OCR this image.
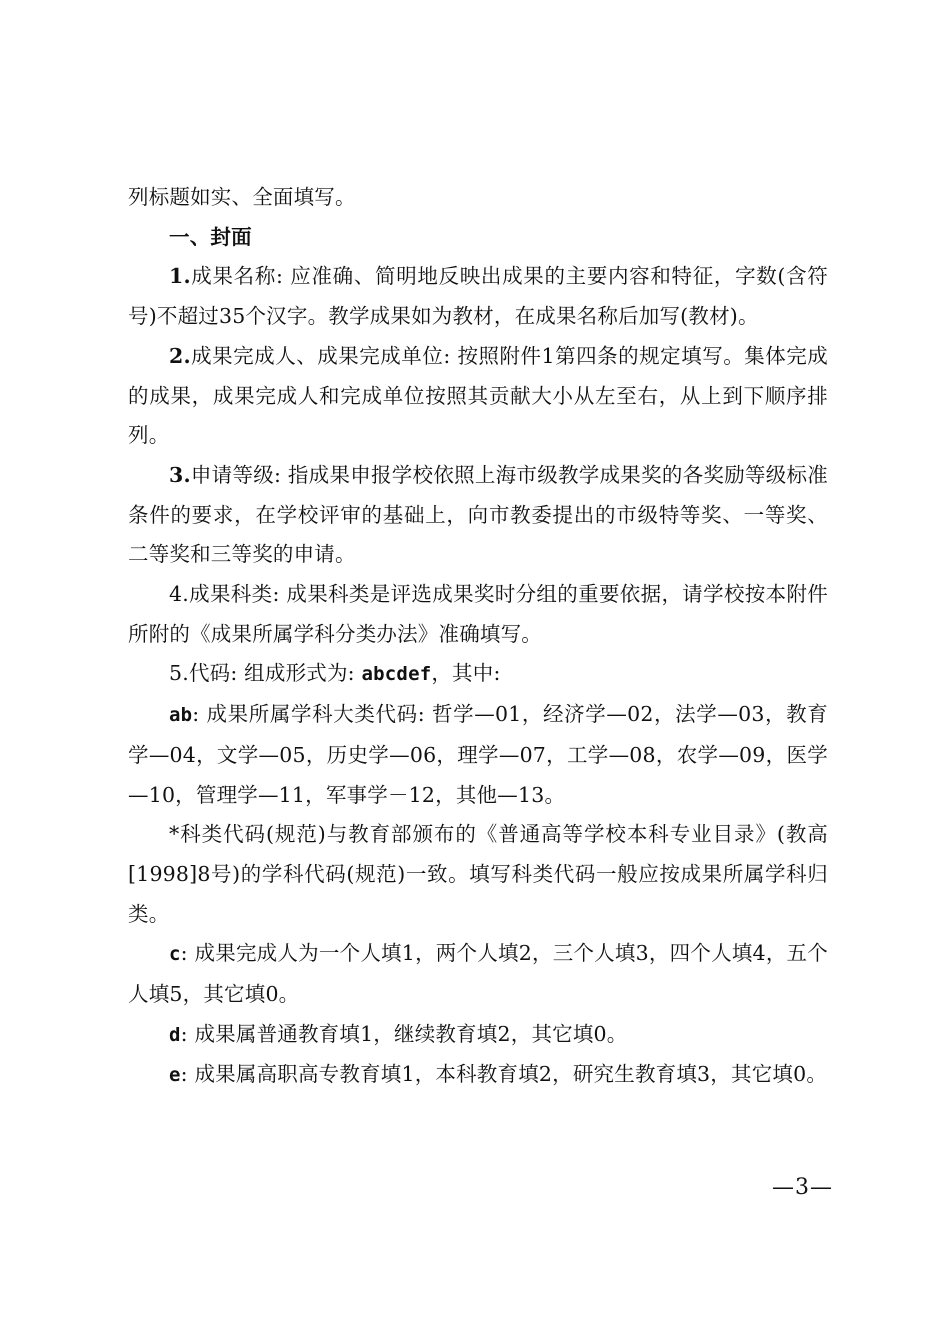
列标题如实、全面填写。

一、封面

1.成果名称: 应准确、简明地反映出成果的主要内容和特征，字数(含符号)不超过35个汉字。教学成果如为教材，在成果名称后加写(教材)。

2.成果完成人、成果完成单位: 按照附件1第四条的规定填写。集体完成的成果，成果完成人和完成单位按照其贡献大小从左至右，从上到下顺序排列。

3.申请等级: 指成果申报学校依照上海市级教学成果奖的各奖励等级标准条件的要求，在学校评审的基础上，向市教委提出的市级特等奖、一等奖、二等奖和三等奖的申请。

4.成果科类: 成果科类是评选成果奖时分组的重要依据，请学校按本附件所附的《成果所属学科分类办法》准确填写。

5.代码: 组成形式为: abcdef，其中:

ab: 成果所属学科大类代码: 哲学—01，经济学—02，法学—03，教育学—04，文学—05，历史学—06，理学—07，工学—08，农学—09，医学—10，管理学—11，军事学－12，其他—13。

*科类代码(规范)与教育部颁布的《普通高等学校本科专业目录》(教高[1998]8号)的学科代码(规范)一致。填写科类代码一般应按成果所属学科归类。

c: 成果完成人为一个人填1，两个人填2，三个人填3，四个人填4，五个人填5，其它填0。

d: 成果属普通教育填1，继续教育填2，其它填0。

e: 成果属高职高专教育填1，本科教育填2，研究生教育填3，其它填0。

—3—
